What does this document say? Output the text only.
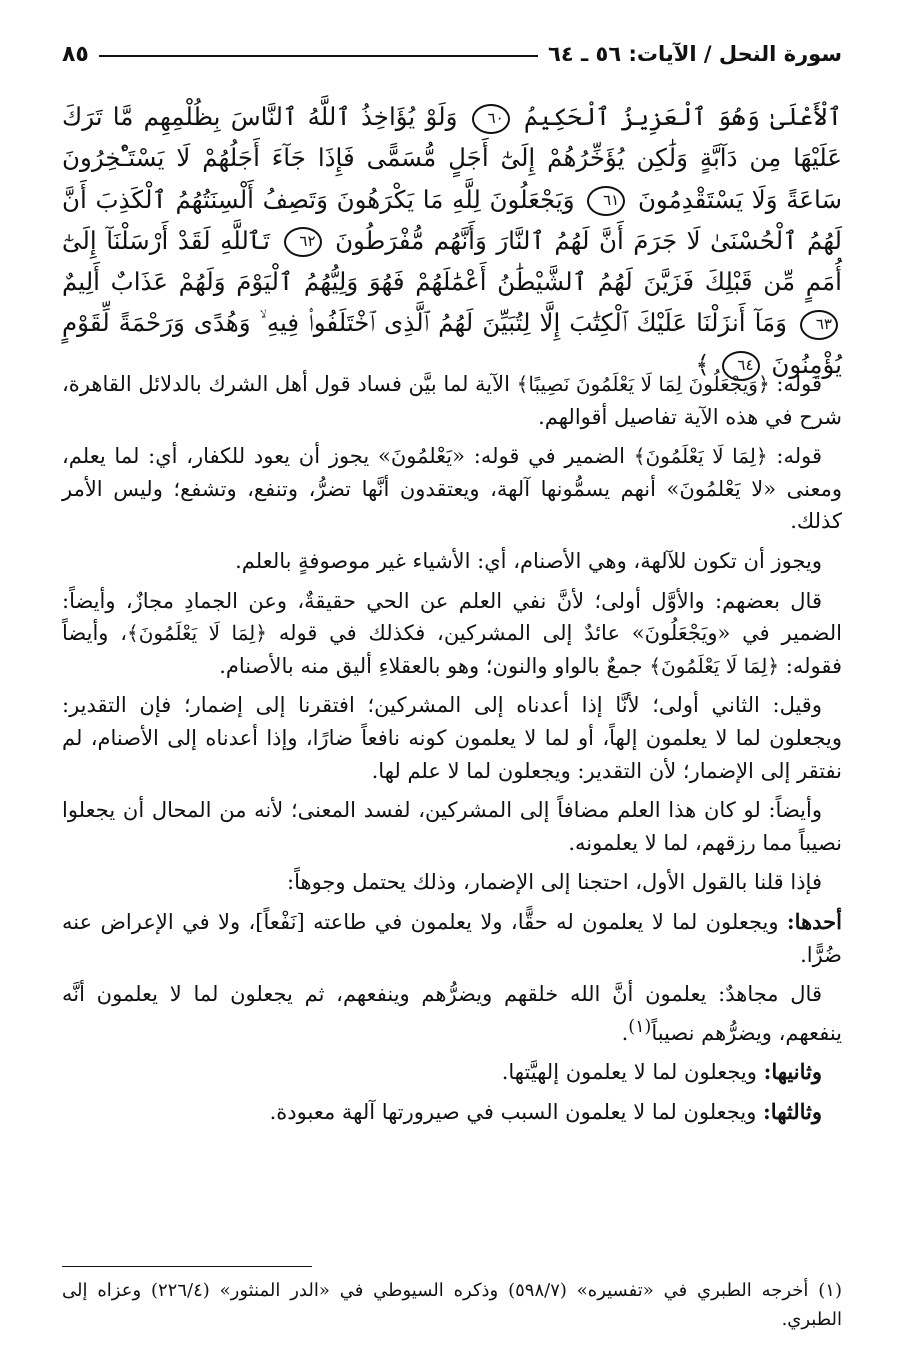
سورة النحل / الآيات: ٥٦ ـ ٦٤
٨٥
ٱلْأَعْلَىٰ وَهُوَ ٱلْعَزِيزُ ٱلْحَكِيمُ ٦٠ وَلَوْ يُؤَاخِذُ ٱللَّهُ ٱلنَّاسَ بِظُلْمِهِم مَّا تَرَكَ عَلَيْهَا مِن دَآبَّةٍ وَلَٰكِن يُؤَخِّرُهُمْ إِلَىٰٓ أَجَلٍ مُّسَمًّى فَإِذَا جَآءَ أَجَلُهُمْ لَا يَسْتَـْٔخِرُونَ سَاعَةً وَلَا يَسْتَقْدِمُونَ ٦١ وَيَجْعَلُونَ لِلَّهِ مَا يَكْرَهُونَ وَتَصِفُ أَلْسِنَتُهُمُ ٱلْكَذِبَ أَنَّ لَهُمُ ٱلْحُسْنَىٰ لَا جَرَمَ أَنَّ لَهُمُ ٱلنَّارَ وَأَنَّهُم مُّفْرَطُونَ ٦٢ تَٱللَّهِ لَقَدْ أَرْسَلْنَآ إِلَىٰٓ أُمَمٍ مِّن قَبْلِكَ فَزَيَّنَ لَهُمُ ٱلشَّيْطَٰنُ أَعْمَٰلَهُمْ فَهُوَ وَلِيُّهُمُ ٱلْيَوْمَ وَلَهُمْ عَذَابٌ أَلِيمٌ ٦٣ وَمَآ أَنزَلْنَا عَلَيْكَ ٱلْكِتَٰبَ إِلَّا لِتُبَيِّنَ لَهُمُ ٱلَّذِى ٱخْتَلَفُوا۟ فِيهِ ۙ وَهُدًى وَرَحْمَةً لِّقَوْمٍ يُؤْمِنُونَ ٦٤ ﴾

قوله: ﴿وَيَجْعَلُونَ لِمَا لَا يَعْلَمُونَ نَصِيبًا﴾ الآية لما بيَّن فساد قول أهل الشرك بالدلائل القاهرة، شرح في هذه الآية تفاصيل أقوالهم.

قوله: ﴿لِمَا لَا يَعْلَمُونَ﴾ الضمير في قوله: «يَعْلمُونَ» يجوز أن يعود للكفار، أي: لما يعلم، ومعنى «لا يَعْلمُونَ» أنهم يسمُّونها آلهة، ويعتقدون أنَّها تضرُّ، وتنفع، وتشفع؛ وليس الأمر كذلك.

ويجوز أن تكون للآلهة، وهي الأصنام، أي: الأشياء غير موصوفةٍ بالعلم.

قال بعضهم: والأوَّل أولى؛ لأنَّ نفي العلم عن الحي حقيقةٌ، وعن الجمادِ مجازٌ، وأيضاً: الضمير في «ويَجْعَلُونَ» عائدٌ إلى المشركين، فكذلك في قوله ﴿لِمَا لَا يَعْلَمُونَ﴾، وأيضاً فقوله: ﴿لِمَا لَا يَعْلَمُونَ﴾ جمعٌ بالواو والنون؛ وهو بالعقلاءِ أليق منه بالأصنام.

وقيل: الثاني أولى؛ لأنَّا إذا أعدناه إلى المشركين؛ افتقرنا إلى إضمار؛ فإن التقدير: ويجعلون لما لا يعلمون إلهاً، أو لما لا يعلمون كونه نافعاً ضارًا، وإذا أعدناه إلى الأصنام، لم نفتقر إلى الإضمار؛ لأن التقدير: ويجعلون لما لا علم لها.

وأيضاً: لو كان هذا العلم مضافاً إلى المشركين، لفسد المعنى؛ لأنه من المحال أن يجعلوا نصيباً مما رزقهم، لما لا يعلمونه.

فإذا قلنا بالقول الأول، احتجنا إلى الإضمار، وذلك يحتمل وجوهاً:

أحدها: ويجعلون لما لا يعلمون له حقًّا، ولا يعلمون في طاعته [نَفْعاً]، ولا في الإعراض عنه ضُرًّا.

قال مجاهدٌ: يعلمون أنَّ الله خلقهم ويضرُّهم وينفعهم، ثم يجعلون لما لا يعلمون أنَّه ينفعهم، ويضرُّهم نصيباً$^{(١)}$.

وثانيها: ويجعلون لما لا يعلمون إلهيَّتها.

وثالثها: ويجعلون لما لا يعلمون السبب في صيرورتها آلهة معبودة.

(١) أخرجه الطبري في «تفسيره» (٥٩٨/٧) وذكره السيوطي في «الدر المنثور» (٢٢٦/٤) وعزاه إلى الطبري.
